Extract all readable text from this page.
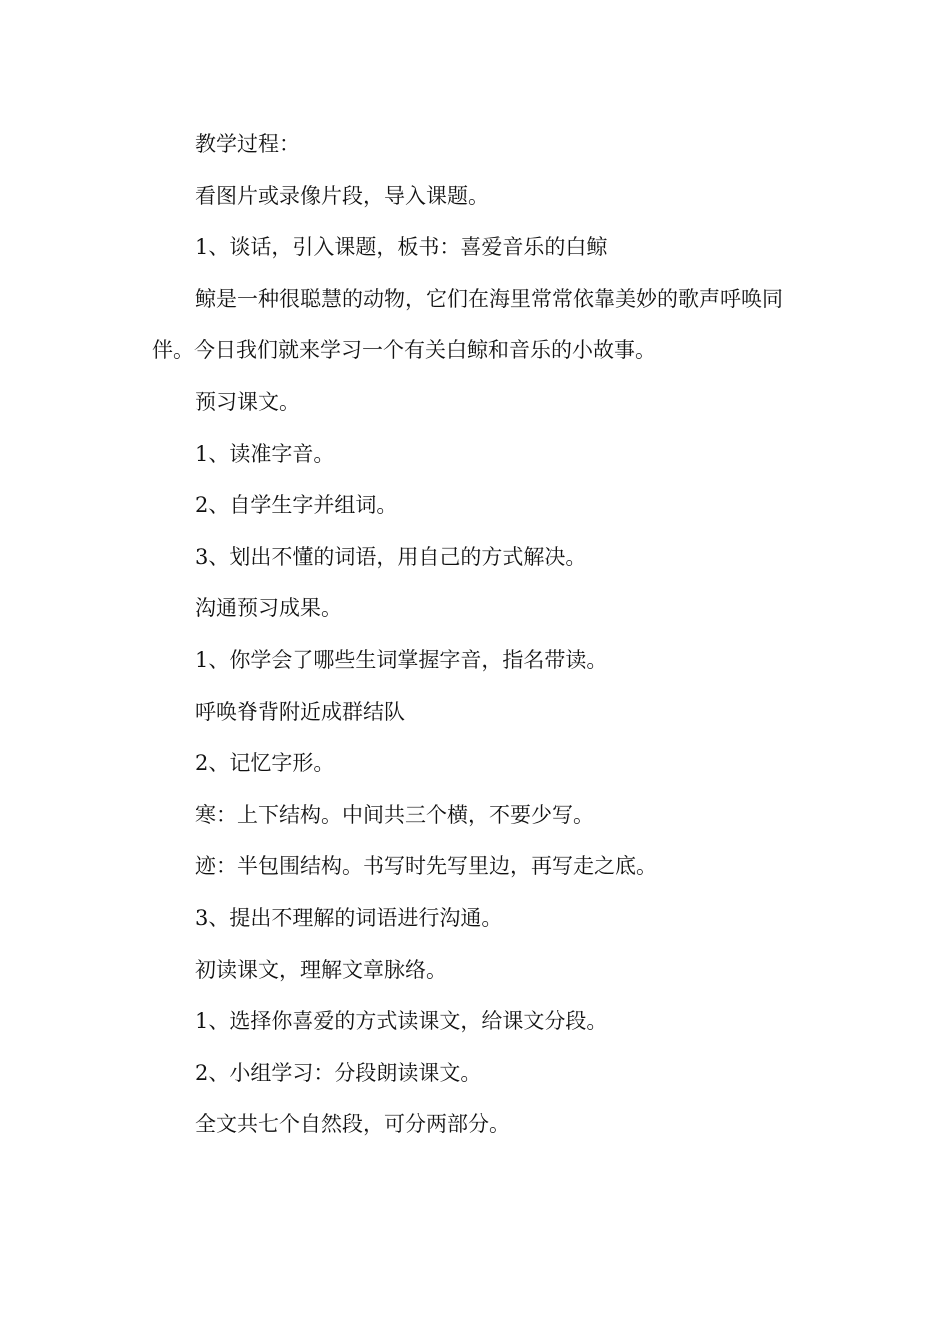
教学过程：

看图片或录像片段，导入课题。

1、谈话，引入课题，板书：喜爱音乐的白鲸

鲸是一种很聪慧的动物，它们在海里常常依靠美妙的歌声呼唤同伴。今日我们就来学习一个有关白鲸和音乐的小故事。

预习课文。

1、读准字音。

2、自学生字并组词。

3、划出不懂的词语，用自己的方式解决。

沟通预习成果。

1、你学会了哪些生词掌握字音，指名带读。

呼唤脊背附近成群结队

2、记忆字形。

寒：上下结构。中间共三个横，不要少写。

迹：半包围结构。书写时先写里边，再写走之底。

3、提出不理解的词语进行沟通。

初读课文，理解文章脉络。

1、选择你喜爱的方式读课文，给课文分段。

2、小组学习：分段朗读课文。

全文共七个自然段，可分两部分。
